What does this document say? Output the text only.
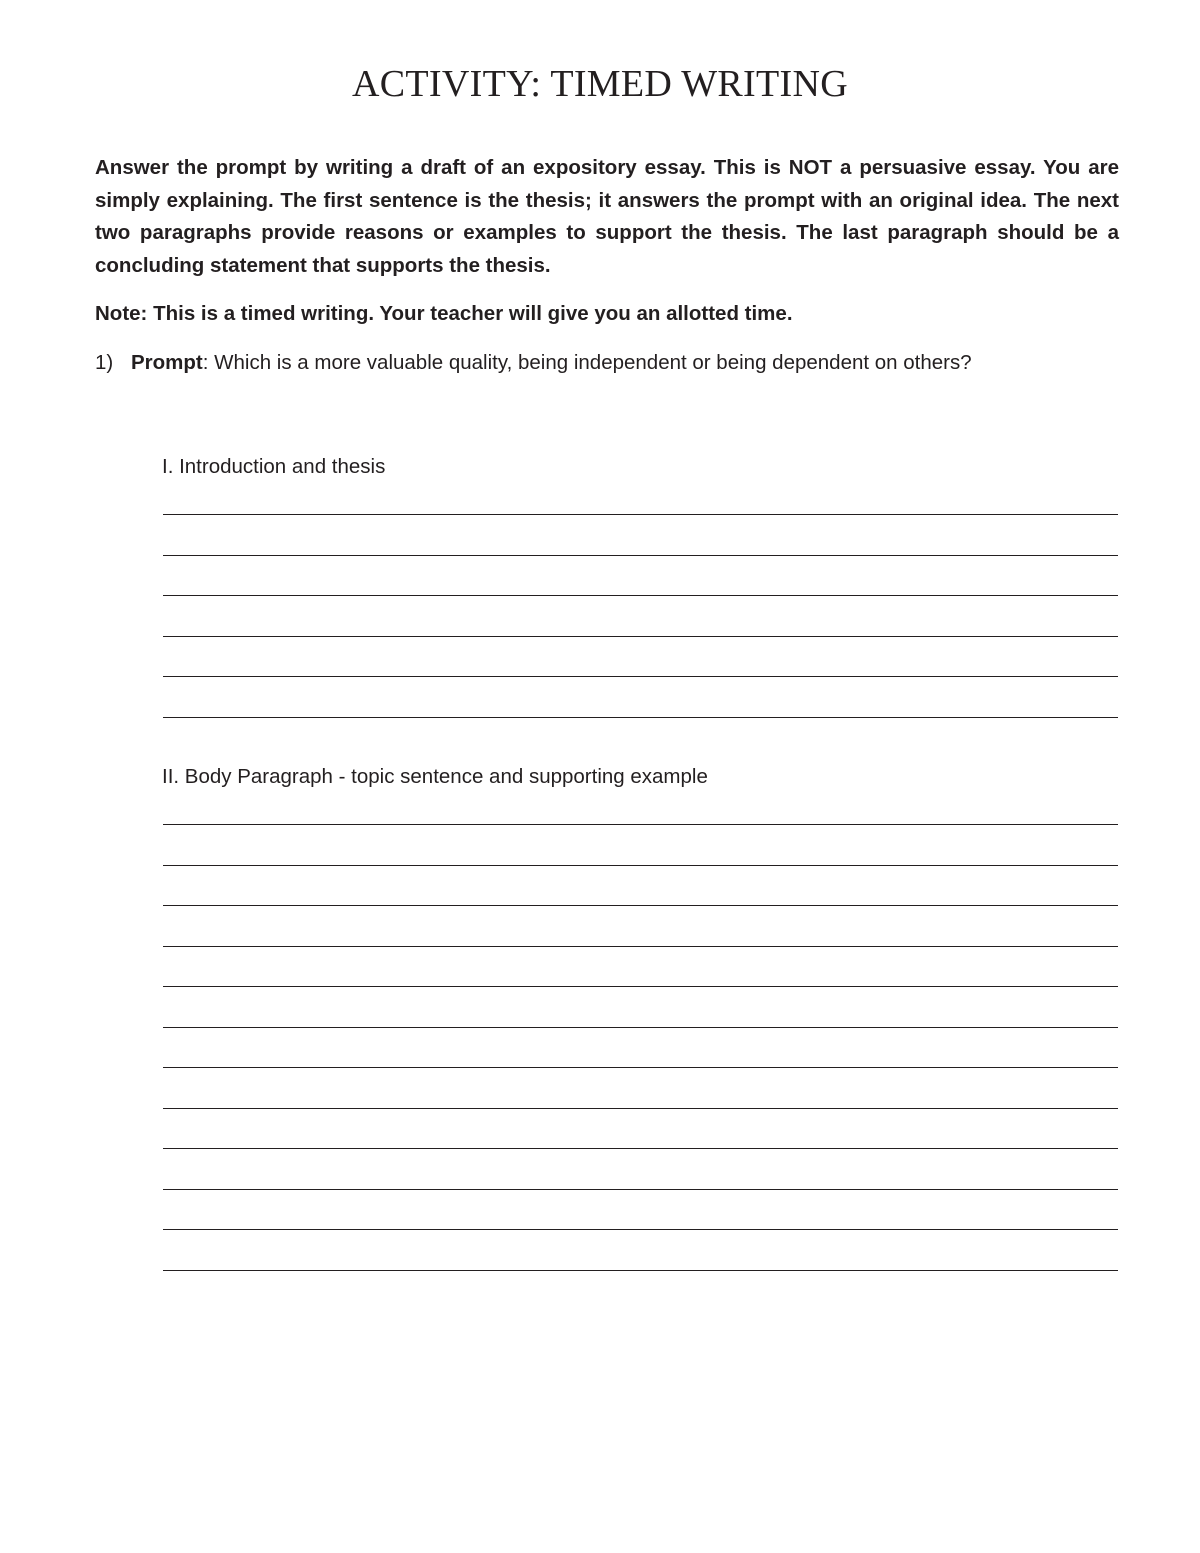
ACTIVITY: TIMED WRITING

Answer the prompt by writing a draft of an expository essay. This is NOT a persuasive essay. You are simply explaining. The first sentence is the thesis; it answers the prompt with an original idea. The next two paragraphs provide reasons or examples to support the thesis. The last paragraph should be a concluding statement that supports the thesis.

Note: This is a timed writing. Your teacher will give you an allotted time.

1) Prompt: Which is a more valuable quality, being independent or being dependent on others?

I. Introduction and thesis

II. Body Paragraph - topic sentence and supporting example
